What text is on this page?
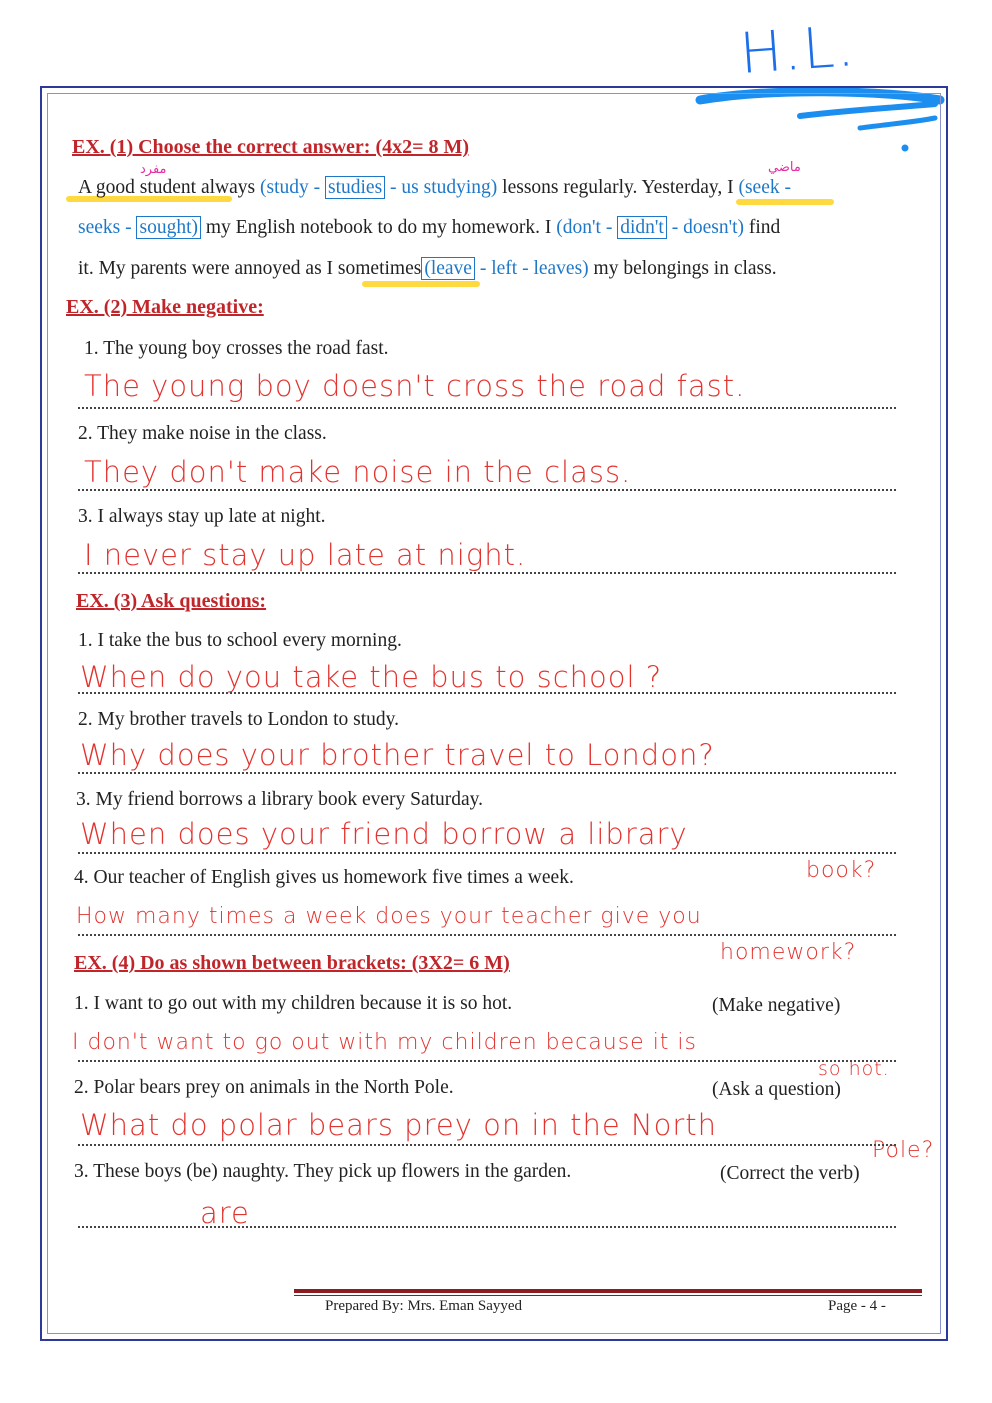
H.L.
EX. (1) Choose the correct answer: (4x2= 8 M)
مفرد	ماضي
A good student always (study - studies - us studying) lessons regularly. Yesterday, I (seek -
seeks - sought) my English notebook to do my homework. I (don't - didn't - doesn't) find
it. My parents were annoyed as I sometimes (leave - left - leaves) my belongings in class.
EX. (2) Make negative:
1. The young boy crosses the road fast.
The young boy doesn't cross the road fast.
2. They make noise in the class.
They don't make noise in the class.
3. I always stay up late at night.
I never stay up late at night.
EX. (3) Ask questions:
1. I take the bus to school every morning.
When do you take the bus to school ?
2. My brother travels to London to study.
Why does your brother travel to London?
3. My friend borrows a library book every Saturday.
When does your friend borrow a library
book?
4. Our teacher of English gives us homework five times a week.
How many times a week does your teacher give you
homework?
EX. (4) Do as shown between brackets: (3X2= 6 M)
1. I want to go out with my children because it is so hot.	(Make negative)
I don't want to go out with my children because it is
so hot.
2. Polar bears prey on animals in the North Pole.	(Ask a question)
What do polar bears prey on in the North
Pole?
3. These boys (be) naughty. They pick up flowers in the garden.	(Correct the verb)
are
Prepared By: Mrs. Eman Sayyed	Page - 4 -
